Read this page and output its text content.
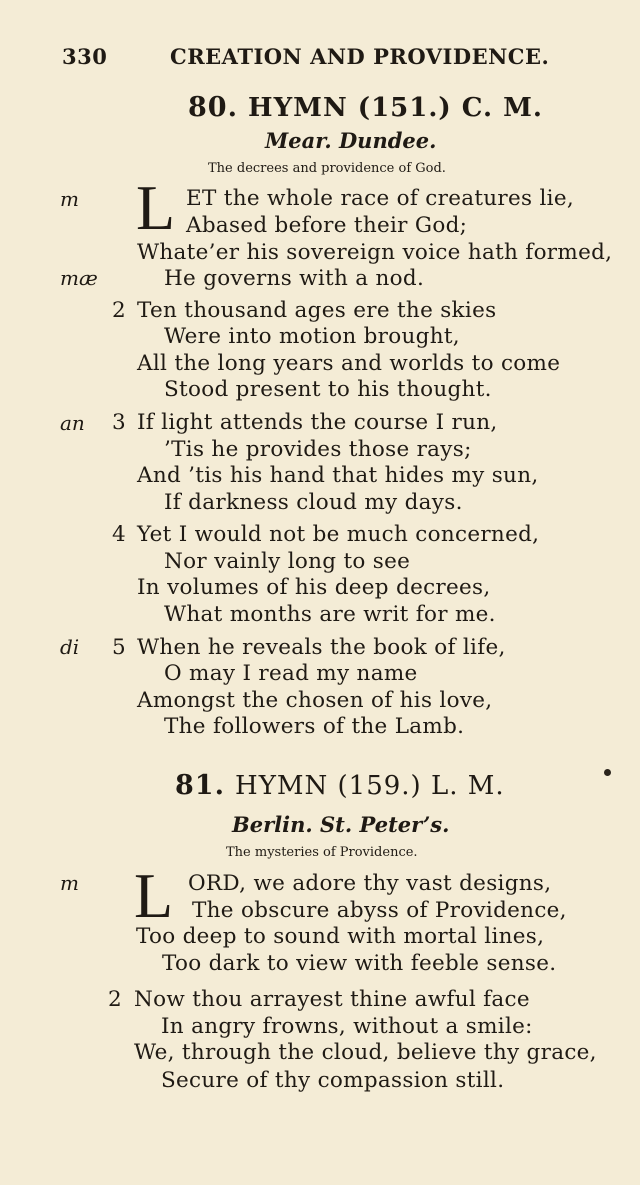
330	CREATION AND PROVIDENCE.
80. HYMN (151.) C. M.
Mear. Dundee.
The decrees and providence of God.
m
mæ
an
di
L ET the whole race of creatures lie,
Abased before their God;
Whate’er his sovereign voice hath formed,
He governs with a nod.
2 Ten thousand ages ere the skies
Were into motion brought,
All the long years and worlds to come
Stood present to his thought.
3 If light attends the course I run,
’Tis he provides those rays;
And ’tis his hand that hides my sun,
If darkness cloud my days.
4 Yet I would not be much concerned,
Nor vainly long to see
In volumes of his deep decrees,
What months are writ for me.
5 When he reveals the book of life,
O may I read my name
Amongst the chosen of his love,
The followers of the Lamb.
81. HYMN (159.) L. M.
Berlin. St. Peter’s.
The mysteries of Providence.
m L ORD, we adore thy vast designs,
The obscure abyss of Providence,
Too deep to sound with mortal lines,
Too dark to view with feeble sense.
2 Now thou arrayest thine awful face
In angry frowns, without a smile:
We, through the cloud, believe thy grace,
Secure of thy compassion still.
